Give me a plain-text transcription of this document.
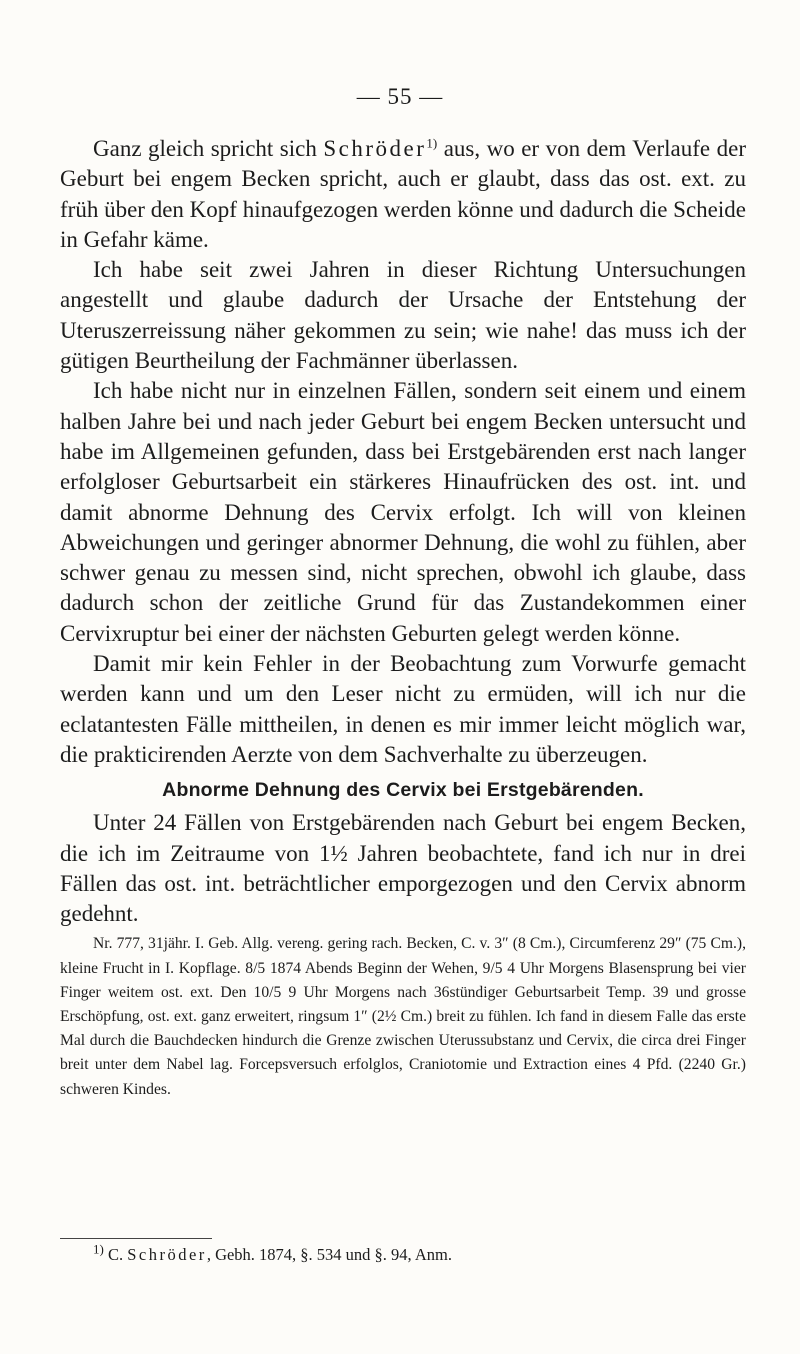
— 55 —

Ganz gleich spricht sich Schröder$^{1)}$ aus, wo er von dem Verlaufe der Geburt bei engem Becken spricht, auch er glaubt, dass das ost. ext. zu früh über den Kopf hinaufgezogen werden könne und dadurch die Scheide in Gefahr käme.

Ich habe seit zwei Jahren in dieser Richtung Untersuchungen angestellt und glaube dadurch der Ursache der Entstehung der Uteruszerreissung näher gekommen zu sein; wie nahe! das muss ich der gütigen Beurtheilung der Fachmänner überlassen.

Ich habe nicht nur in einzelnen Fällen, sondern seit einem und einem halben Jahre bei und nach jeder Geburt bei engem Becken untersucht und habe im Allgemeinen gefunden, dass bei Erstgebärenden erst nach langer erfolgloser Geburtsarbeit ein stärkeres Hinaufrücken des ost. int. und damit abnorme Dehnung des Cervix erfolgt. Ich will von kleinen Abweichungen und geringer abnormer Dehnung, die wohl zu fühlen, aber schwer genau zu messen sind, nicht sprechen, obwohl ich glaube, dass dadurch schon der zeitliche Grund für das Zustandekommen einer Cervixruptur bei einer der nächsten Geburten gelegt werden könne.

Damit mir kein Fehler in der Beobachtung zum Vorwurfe gemacht werden kann und um den Leser nicht zu ermüden, will ich nur die eclatantesten Fälle mittheilen, in denen es mir immer leicht möglich war, die prakticirenden Aerzte von dem Sachverhalte zu überzeugen.

Abnorme Dehnung des Cervix bei Erstgebärenden.

Unter 24 Fällen von Erstgebärenden nach Geburt bei engem Becken, die ich im Zeitraume von 1½ Jahren beobachtete, fand ich nur in drei Fällen das ost. int. beträchtlicher emporgezogen und den Cervix abnorm gedehnt.

Nr. 777, 31jähr. I. Geb. Allg. vereng. gering rach. Becken, C. v. 3″ (8 Cm.), Circumferenz 29″ (75 Cm.), kleine Frucht in I. Kopflage. 8/5 1874 Abends Beginn der Wehen, 9/5 4 Uhr Morgens Blasensprung bei vier Finger weitem ost. ext. Den 10/5 9 Uhr Morgens nach 36stündiger Geburtsarbeit Temp. 39 und grosse Erschöpfung, ost. ext. ganz erweitert, ringsum 1″ (2½ Cm.) breit zu fühlen. Ich fand in diesem Falle das erste Mal durch die Bauchdecken hindurch die Grenze zwischen Uterussubstanz und Cervix, die circa drei Finger breit unter dem Nabel lag. Forcepsversuch erfolglos, Craniotomie und Extraction eines 4 Pfd. (2240 Gr.) schweren Kindes.
$^{1)}$ C. Schröder, Gebh. 1874, §. 534 und §. 94, Anm.
